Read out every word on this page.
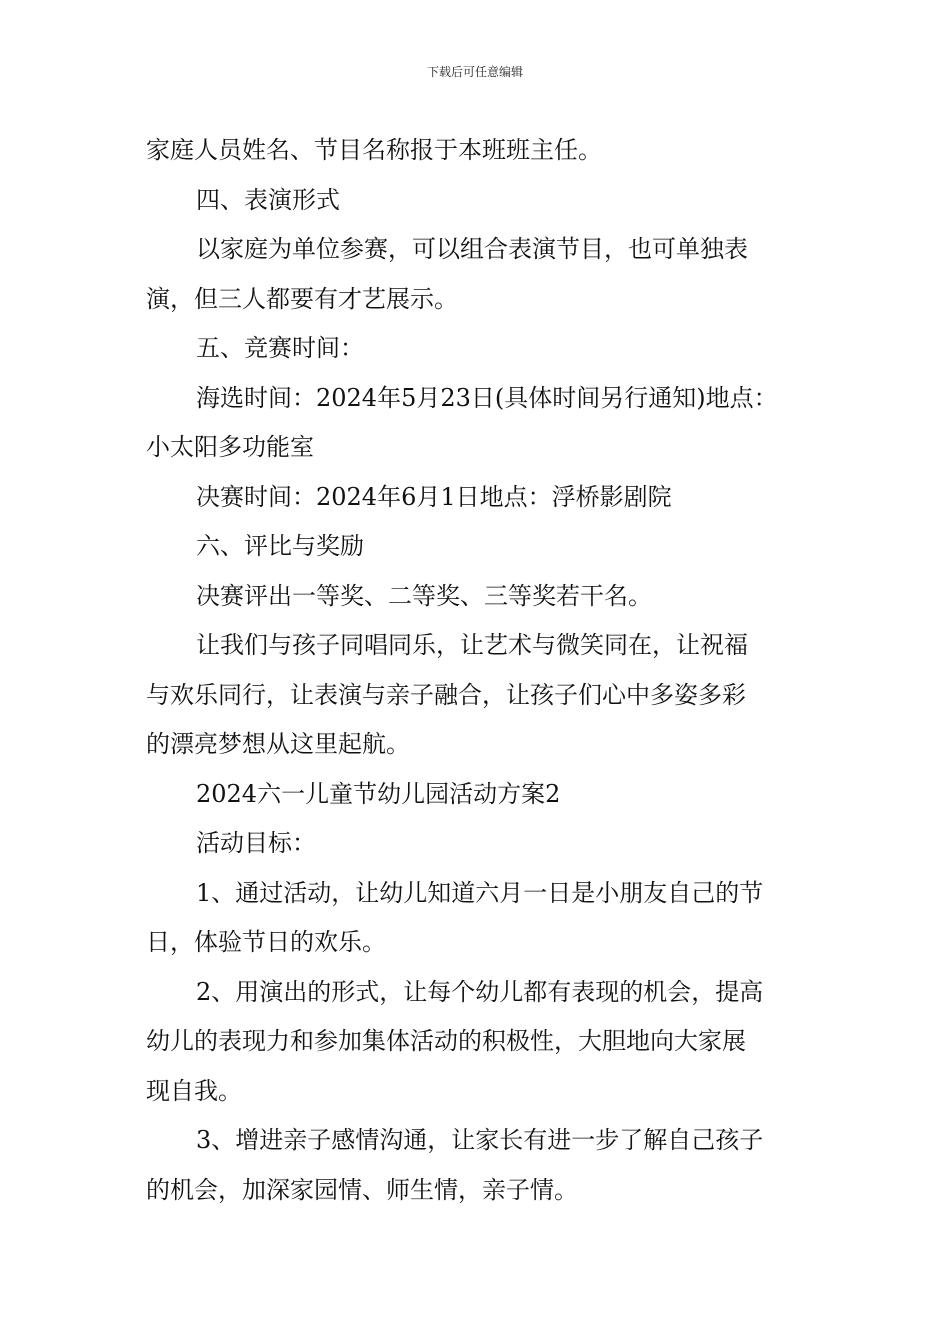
下载后可任意编辑

家庭人员姓名、节目名称报于本班班主任。

四、表演形式

以家庭为单位参赛，可以组合表演节目，也可单独表

演，但三人都要有才艺展示。

五、竞赛时间：

海选时间：2024年5月23日(具体时间另行通知)地点：

小太阳多功能室

决赛时间：2024年6月1日地点：浮桥影剧院

六、评比与奖励

决赛评出一等奖、二等奖、三等奖若干名。

让我们与孩子同唱同乐，让艺术与微笑同在，让祝福

与欢乐同行，让表演与亲子融合，让孩子们心中多姿多彩

的漂亮梦想从这里起航。

2024六一儿童节幼儿园活动方案2

活动目标：

1、通过活动，让幼儿知道六月一日是小朋友自己的节

日，体验节日的欢乐。

2、用演出的形式，让每个幼儿都有表现的机会，提高

幼儿的表现力和参加集体活动的积极性，大胆地向大家展

现自我。

3、增进亲子感情沟通，让家长有进一步了解自己孩子

的机会，加深家园情、师生情，亲子情。
